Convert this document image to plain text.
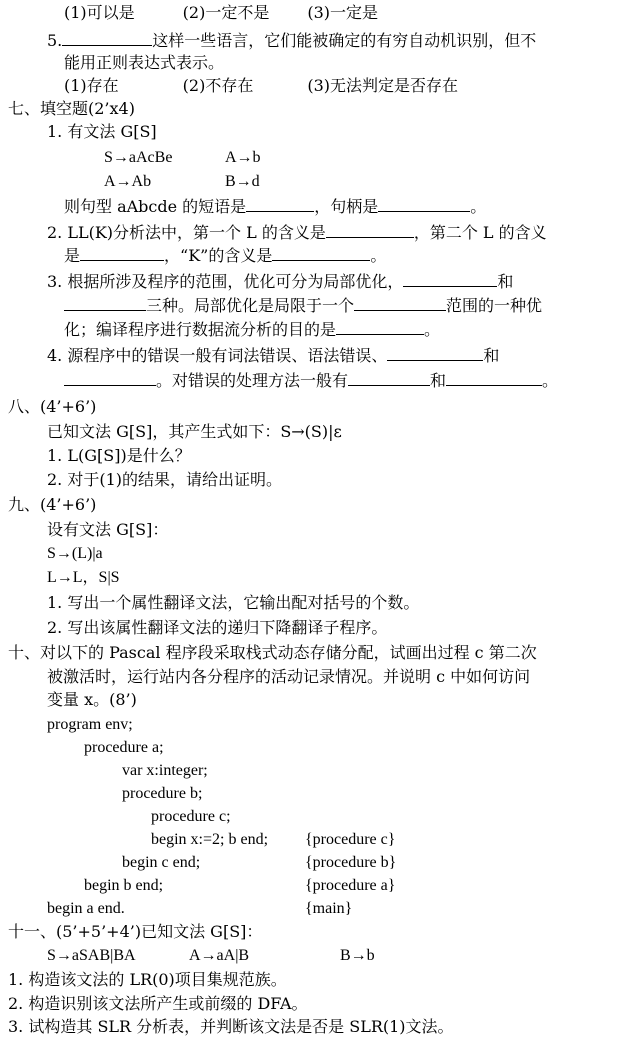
(1)可以是	(2)一定不是 (3)一定是
5.	这样一些语言，它们能被确定的有穷自动机识别，但不
能用正则表达式表示。
(1)存在	(2)不存在	(3)无法判定是否存在
七、填空题(2’x4)
1. 有文法 G[S]
S→aAcBe	A→b
A→Ab	B→d
则句型 aAbcde 的短语是	，句柄是	。
2. LL(K)分析法中，第一个 L 的含义是	，第二个 L 的含义
是	，“K”的含义是	。
3. 根据所涉及程序的范围，优化可分为局部优化，	和
三种。局部优化是局限于一个	范围的一种优
化；编译程序进行数据流分析的目的是	。
4. 源程序中的错误一般有词法错误、语法错误、	和
。对错误的处理方法一般有	和	。
八、(4’+6’)
已知文法 G[S]，其产生式如下：S→(S)|ε
1. L(G[S])是什么？
2. 对于(1)的结果，请给出证明。
九、(4’+6’)
设有文法 G[S]：
S→(L)|a
L→L，S|S
1. 写出一个属性翻译文法，它输出配对括号的个数。
2. 写出该属性翻译文法的递归下降翻译子程序。
十、对以下的 Pascal 程序段采取栈式动态存储分配，试画出过程 c 第二次
被激活时，运行站内各分程序的活动记录情况。并说明 c 中如何访问
变量 x。(8’)
program env;
procedure a;
var x:integer;
procedure b;
procedure c;
begin x:=2; b end; {procedure c}
begin c end;	{procedure b}
begin b end;	{procedure a}
begin a end.	{main}
十一、(5’+5’+4’)已知文法 G[S]：
S→aSAB|BA	A→aA|B	B→b
1. 构造该文法的 LR(0)项目集规范族。
2. 构造识别该文法所产生或前缀的 DFA。
3. 试构造其 SLR 分析表，并判断该文法是否是 SLR(1)文法。
